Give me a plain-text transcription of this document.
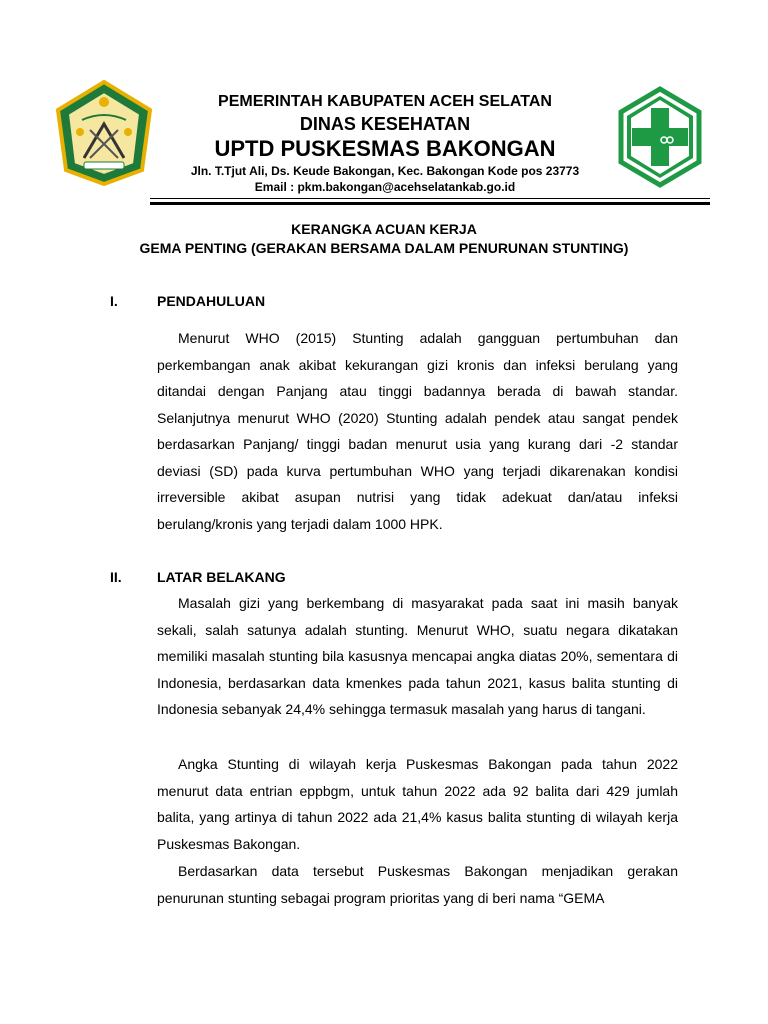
PEMERINTAH KABUPATEN ACEH SELATAN
DINAS KESEHATAN
UPTD PUSKESMAS BAKONGAN
Jln. T.Tjut Ali, Ds. Keude Bakongan, Kec. Bakongan Kode pos 23773
Email : pkm.bakongan@acehselatankab.go.id
KERANGKA ACUAN KERJA
GEMA PENTING (GERAKAN BERSAMA DALAM PENURUNAN STUNTING)
I.	PENDAHULUAN

Menurut WHO (2015) Stunting adalah gangguan pertumbuhan dan perkembangan anak akibat kekurangan gizi kronis dan infeksi berulang yang ditandai dengan Panjang atau tinggi badannya berada di bawah standar. Selanjutnya menurut WHO (2020) Stunting adalah pendek atau sangat pendek berdasarkan Panjang/ tinggi badan menurut usia yang kurang dari -2 standar deviasi (SD) pada kurva pertumbuhan WHO yang terjadi dikarenakan kondisi irreversible akibat asupan nutrisi yang tidak adekuat dan/atau infeksi berulang/kronis yang terjadi dalam 1000 HPK.

II.	LATAR BELAKANG

Masalah gizi yang berkembang di masyarakat pada saat ini masih banyak sekali, salah satunya adalah stunting. Menurut WHO, suatu negara dikatakan memiliki masalah stunting bila kasusnya mencapai angka diatas 20%, sementara di Indonesia, berdasarkan data kmenkes pada tahun 2021, kasus balita stunting di Indonesia sebanyak 24,4% sehingga termasuk masalah yang harus di tangani.

Angka Stunting di wilayah kerja Puskesmas Bakongan pada tahun 2022 menurut data entrian eppbgm, untuk tahun 2022 ada 92 balita dari 429 jumlah balita, yang artinya di tahun 2022 ada 21,4% kasus balita stunting di wilayah kerja Puskesmas Bakongan.

Berdasarkan data tersebut Puskesmas Bakongan menjadikan gerakan penurunan stunting sebagai program prioritas yang di beri nama “GEMA
